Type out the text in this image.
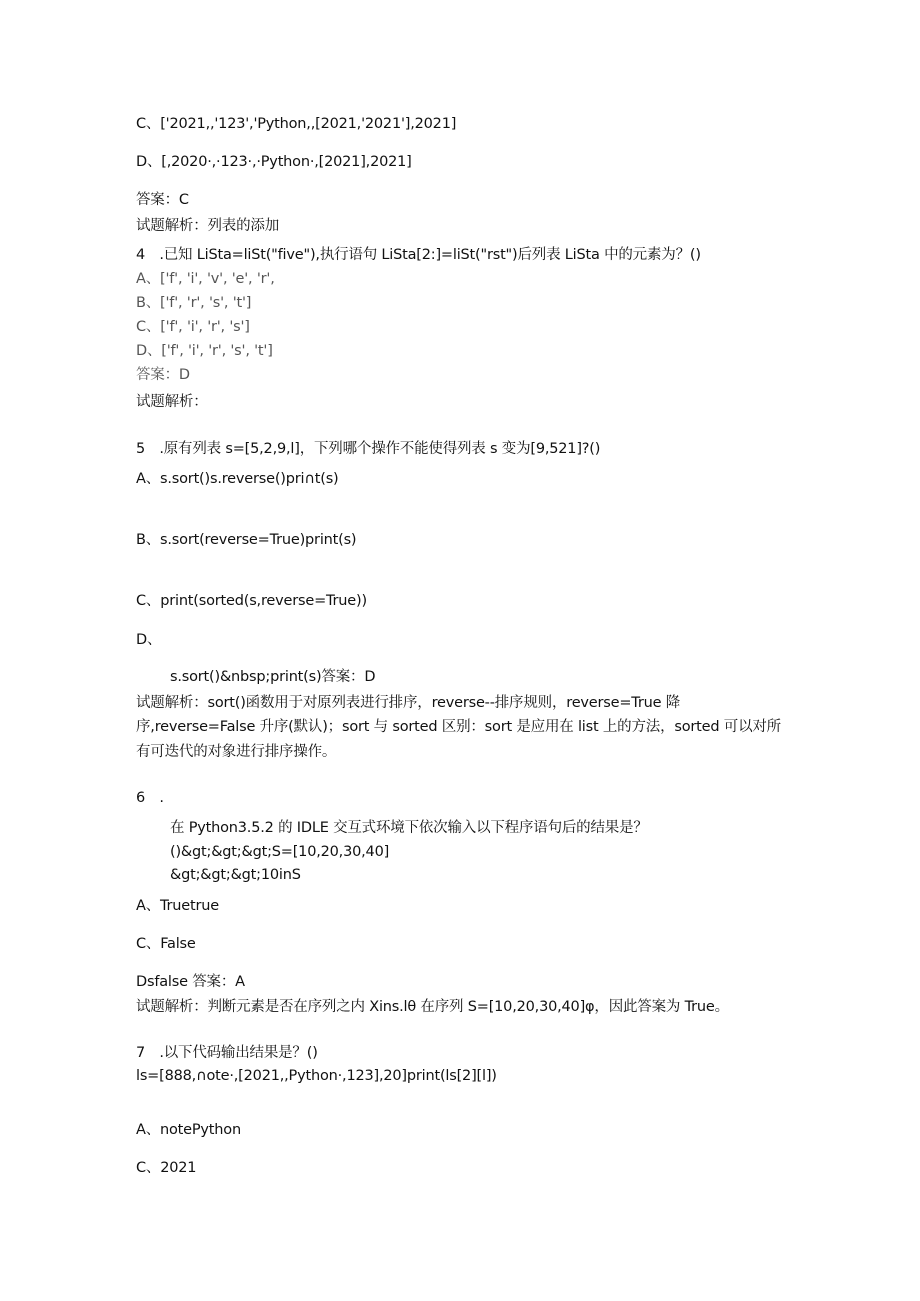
C、['2021,,'123','Python,,[2021,'2021'],2021]
D、[,2020·,·123·,·Python·,[2021],2021]
答案：C
试题解析：列表的添加
4　.已知 LiSta=liSt("five"),执行语句 LiSta[2:]=liSt("rst")后列表 LiSta 中的元素为？()
A、['f', 'i', 'v', 'e', 'r',
B、['f', 'r', 's', 't']
C、['f', 'i', 'r', 's']
D、['f', 'i', 'r', 's', 't']
答案：D
试题解析：
5　.原有列表 s=[5,2,9,l]，下列哪个操作不能使得列表 s 变为[9,521]?()
A、s.sort()s.reverse()pri∩t(s)
B、s.sort(reverse=True)print(s)
C、print(sorted(s,reverse=True))
D、
s.sort()&nbsp;print(s)答案：D
试题解析：sort()函数用于对原列表进行排序，reverse--排序规则，reverse=True 降
序,reverse=False 升序(默认)；sort 与 sorted 区别：sort 是应用在 list 上的方法，sorted 可以对所
有可迭代的对象进行排序操作。
6　.
在 Python3.5.2 的 IDLE 交互式环境下依次输入以下程序语句后的结果是？
()&gt;&gt;&gt;S=[10,20,30,40]
&gt;&gt;&gt;10inS
A、Truetrue
C、False
Dsfalse 答案：A
试题解析：判断元素是否在序列之内 Xins.lθ 在序列 S=[10,20,30,40]φ，因此答案为 True。
7　.以下代码输出结果是？()
ls=[888,∩ote·,[2021,,Python·,123],20]print(ls[2][l])
A、notePython
C、2021
